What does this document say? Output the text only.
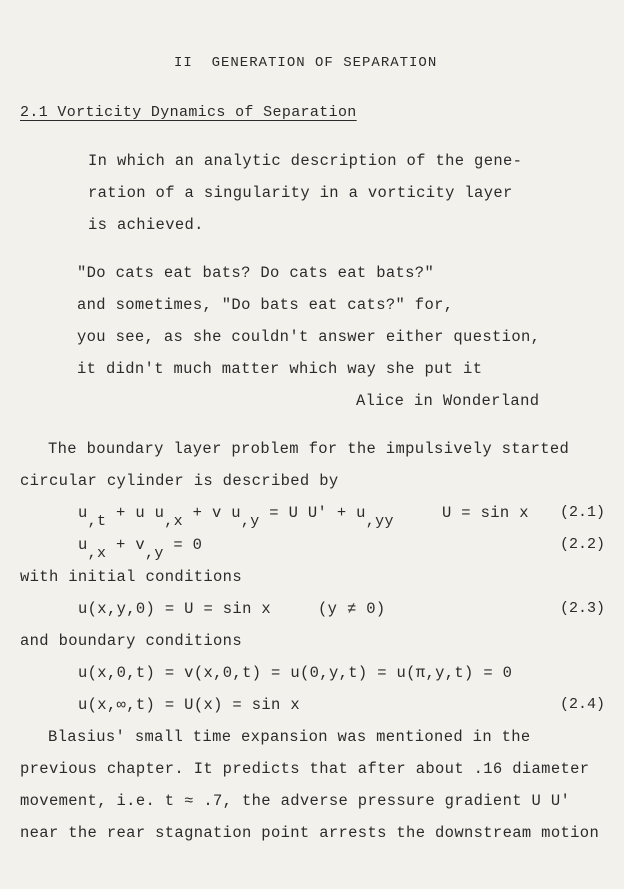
II  GENERATION OF SEPARATION
2.1 Vorticity Dynamics of Separation
In which an analytic description of the gene-
ration of a singularity in a vorticity layer
is achieved.
"Do cats eat bats? Do cats eat bats?"
and sometimes, "Do bats eat cats?" for,
you see, as she couldn't answer either question,
it didn't much matter which way she put it
Alice in Wonderland
The boundary layer problem for the impulsively started
circular cylinder is described by
$u_{,t} + u$ $u_{,x} + v$ $u_{,y} = U$ $U' + u_{,yy}$	U = sin x (2.1)
$u_{,x} + v_{,y} = 0$	(2.2)
with initial conditions
u(x,y,0) = U = sin x	(y ≠ 0)	(2.3)
and boundary conditions
u(x,0,t) = v(x,0,t) = u(0,y,t) = u(π,y,t) = 0
u(x,∞,t) = U(x) = sin x	(2.4)
Blasius' small time expansion was mentioned in the
previous chapter. It predicts that after about .16 diameter
movement, i.e. t ≈ .7, the adverse pressure gradient U U'
near the rear stagnation point arrests the downstream motion
